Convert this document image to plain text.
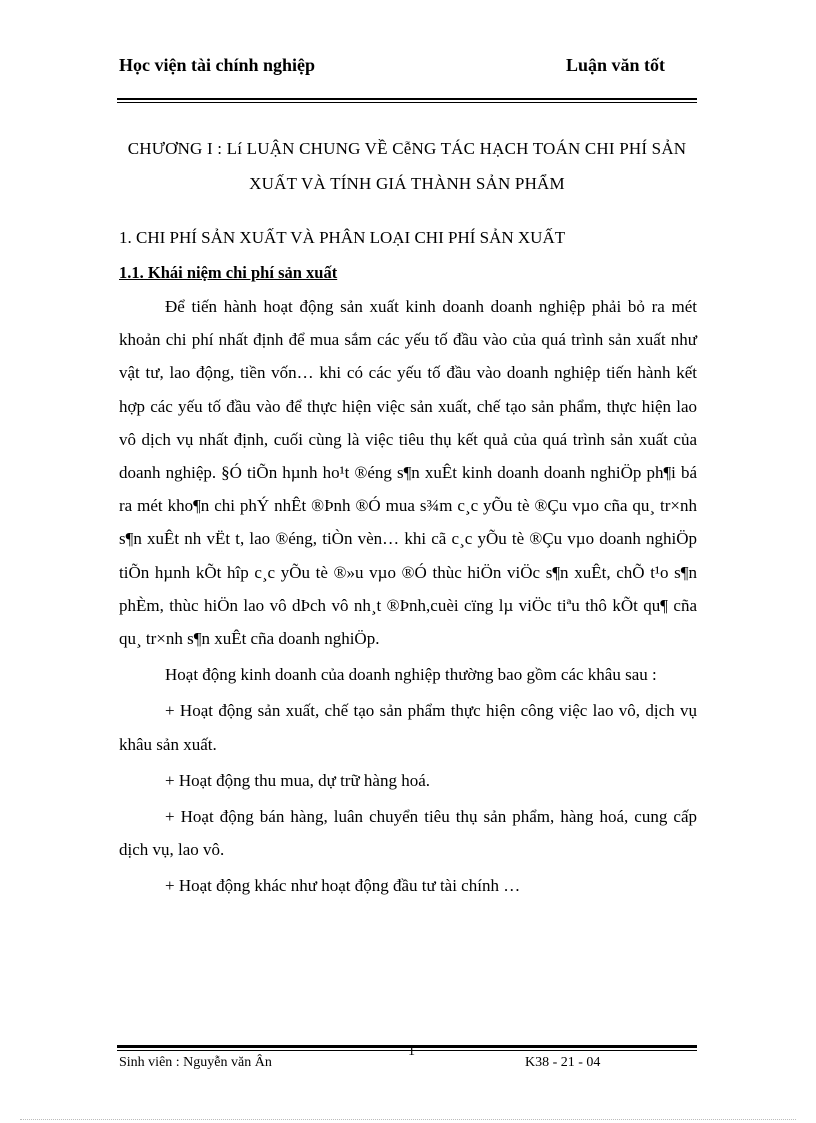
Học viện tài chính nghiệp	Luận văn tốt
CHƯƠNG I : Lí LUẬN CHUNG VỀ CễNG TÁC HẠCH TOÁN CHI PHÍ SẢN XUẤT VÀ TÍNH GIÁ THÀNH SẢN PHẨM
1. CHI PHÍ SẢN XUẤT VÀ PHÂN LOẠI CHI PHÍ SẢN XUẤT
1.1. Khái niệm chi phí sản xuất

Để tiến hành hoạt động sản xuất kinh doanh doanh nghiệp phải bỏ ra mét khoản chi phí nhất định để mua sắm các yếu tố đầu vào của quá trình sản xuất như vật tư, lao động, tiền vốn… khi có các yếu tố đầu vào doanh nghiệp tiến hành kết hợp các yếu tố đầu vào để thực hiện việc sản xuất, chế tạo sản phẩm, thực hiện lao vô dịch vụ nhất định, cuối cùng là việc tiêu thụ kết quả của quá trình sản xuất của doanh nghiệp. §Ó tiÕn hµnh ho¹t ®éng s¶n xuÊt kinh doanh doanh nghiÖp ph¶i bá ra mét kho¶n chi phÝ nhÊt ®Þnh ®Ó mua s¾m c¸c yÕu tè ®Çu vµo cña qu¸ tr×nh s¶n xuÊt nh vËt t, lao ®éng, tiÒn vèn… khi cã c¸c yÕu tè ®Çu vµo doanh nghiÖp tiÕn hµnh kÕt hîp c¸c yÕu tè ®»u vµo ®Ó thùc hiÖn viÖc s¶n xuÊt, chÕ t¹o s¶n phÈm, thùc hiÖn lao vô dÞch vô nh¸t ®Þnh,cuèi cïng lµ viÖc tiªu thô kÕt qu¶ cña qu¸ tr×nh s¶n xuÊt cña doanh nghiÖp.

Hoạt động kinh doanh của doanh nghiệp thường bao gồm các khâu sau :

+ Hoạt động sản xuất, chế tạo sản phẩm thực hiện công việc lao vô, dịch vụ khâu sản xuất.

+ Hoạt động thu mua, dự trữ hàng hoá.

+ Hoạt động bán hàng, luân chuyển tiêu thụ sản phẩm, hàng hoá, cung cấp dịch vụ, lao vô.

+ Hoạt động khác như hoạt động đầu tư tài chính …

Sinh viên : Nguyễn văn Ân
1
K38 - 21 - 04
